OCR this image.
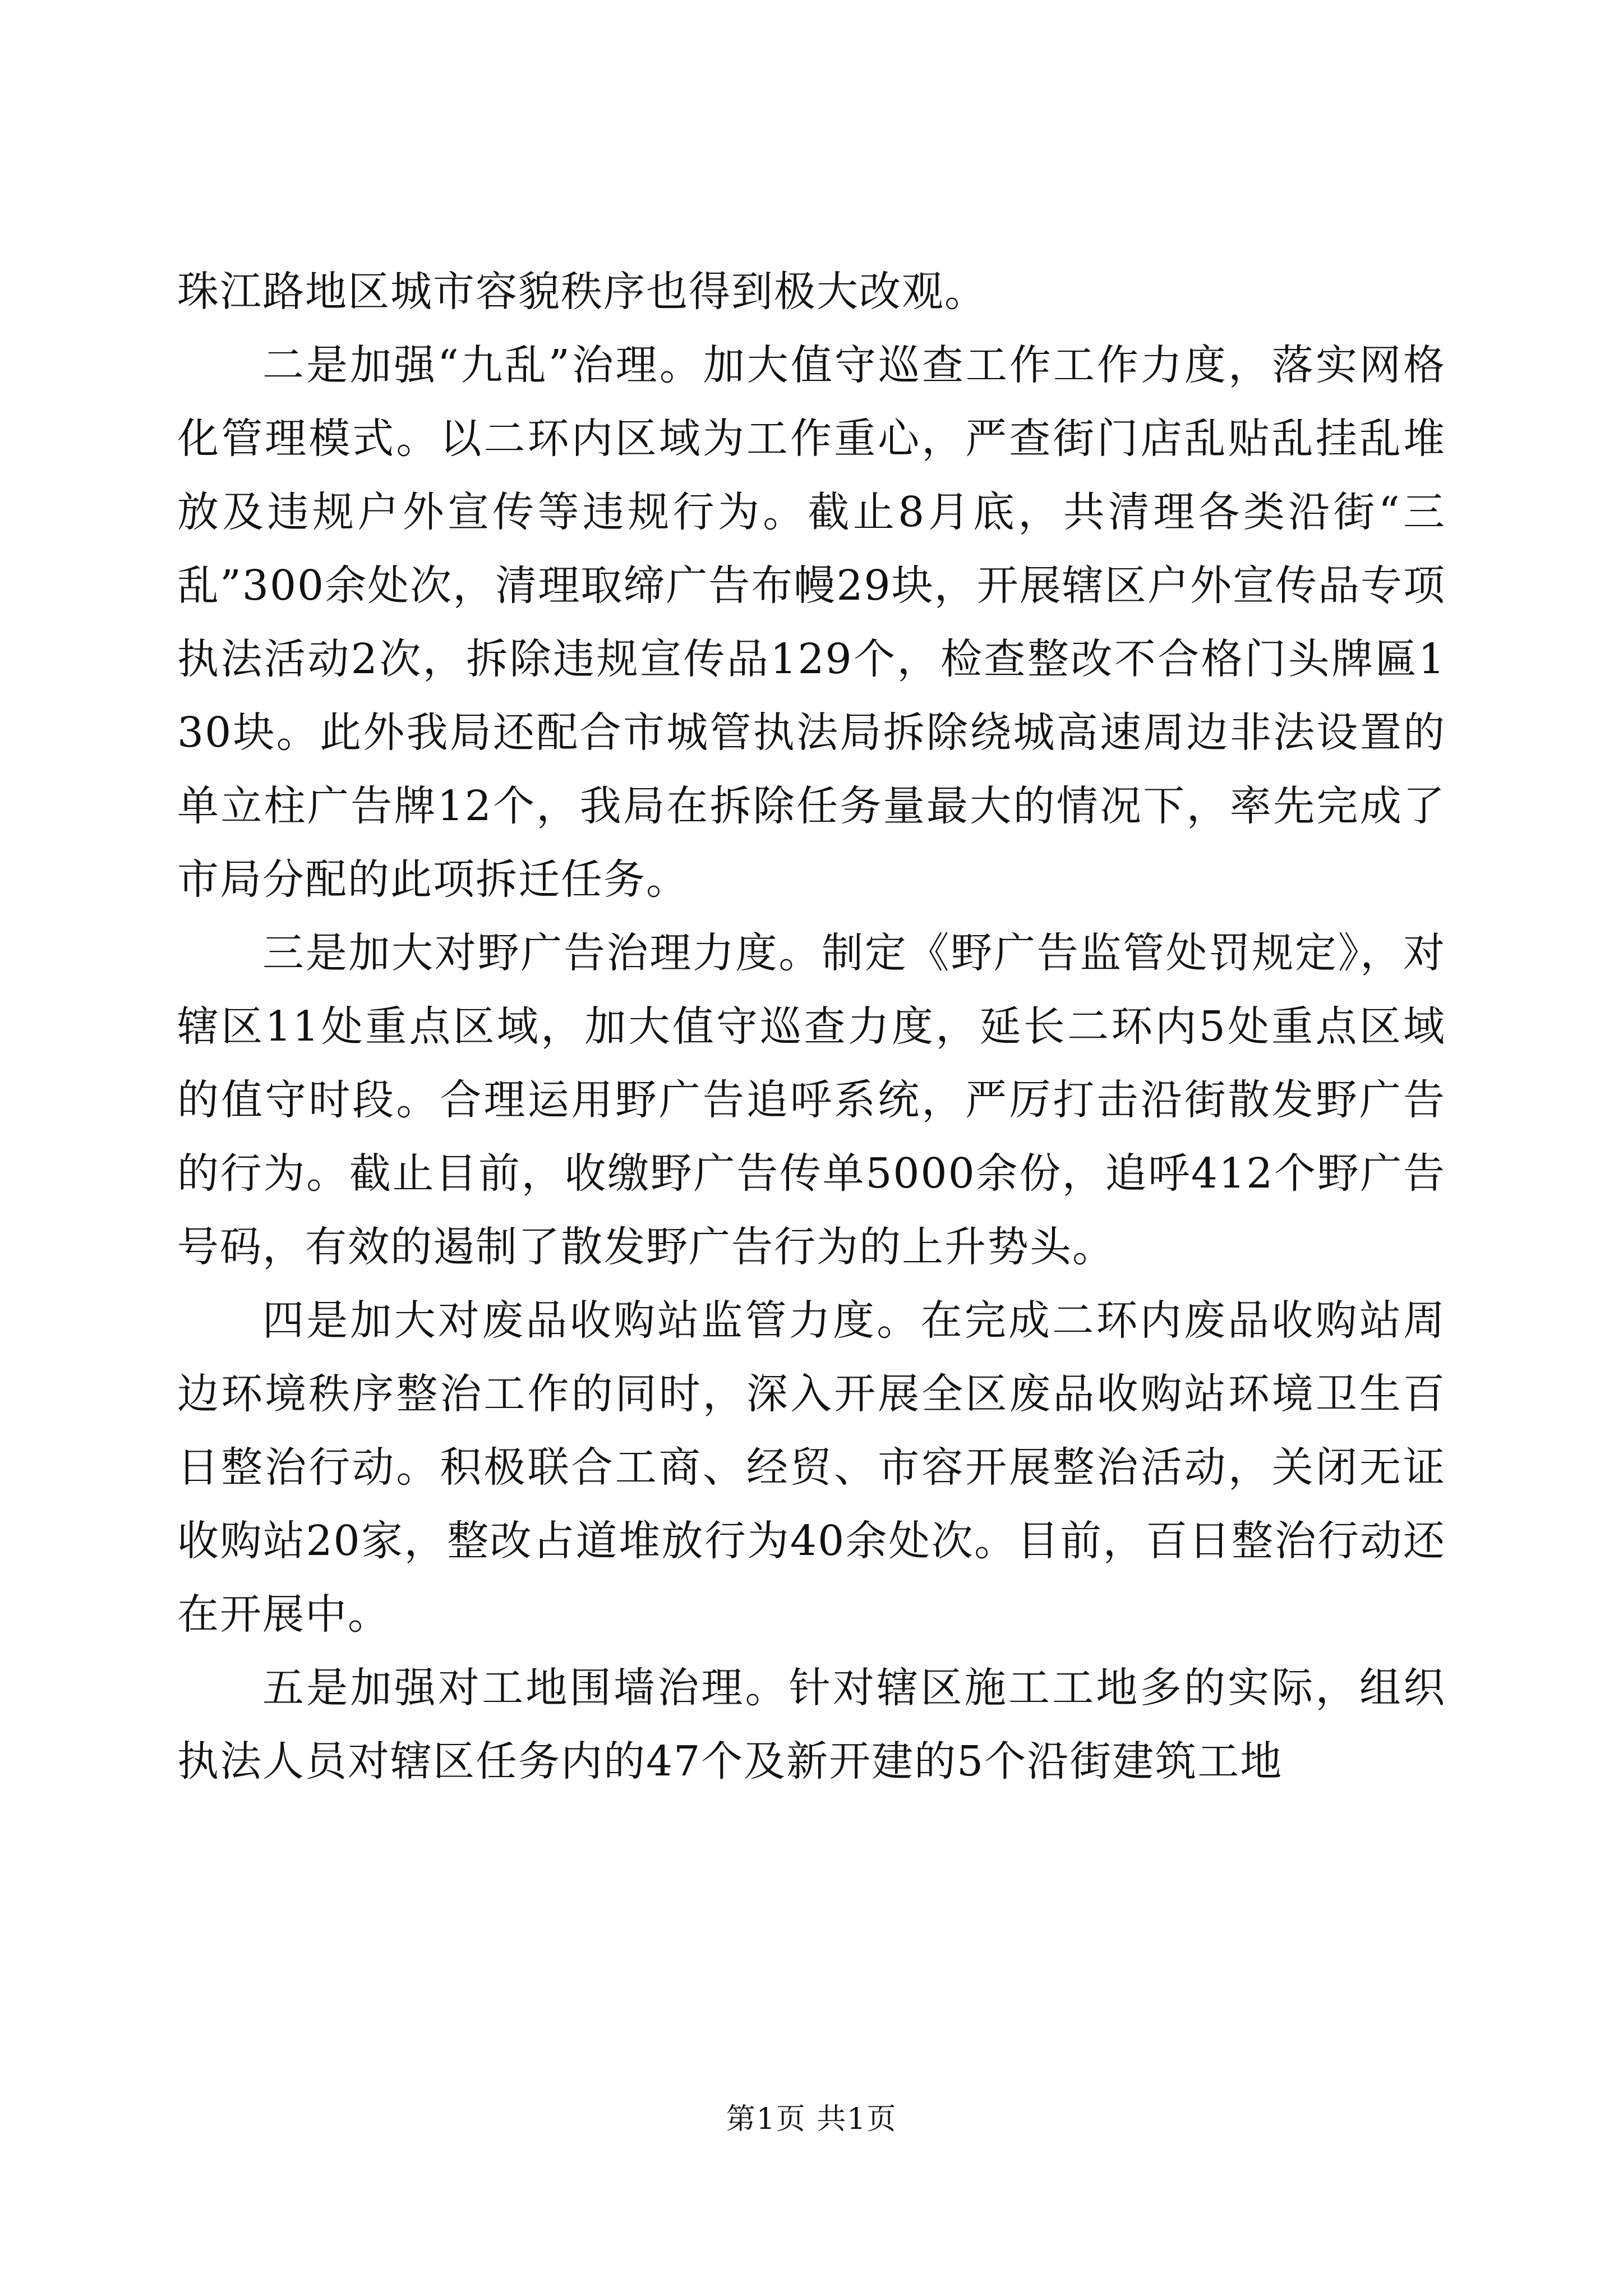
珠江路地区城市容貌秩序也得到极大改观。

二是加强“九乱”治理。加大值守巡查工作工作力度，落实网格化管理模式。以二环内区域为工作重心，严查街门店乱贴乱挂乱堆放及违规户外宣传等违规行为。截止8月底，共清理各类沿街“三乱”300余处次，清理取缔广告布幔29块，开展辖区户外宣传品专项执法活动2次，拆除违规宣传品129个，检查整改不合格门头牌匾130块。此外我局还配合市城管执法局拆除绕城高速周边非法设置的单立柱广告牌12个，我局在拆除任务量最大的情况下，率先完成了市局分配的此项拆迁任务。

三是加大对野广告治理力度。制定《野广告监管处罚规定》，对辖区11处重点区域，加大值守巡查力度，延长二环内5处重点区域的值守时段。合理运用野广告追呼系统，严厉打击沿街散发野广告的行为。截止目前，收缴野广告传单5000余份，追呼412个野广告号码，有效的遏制了散发野广告行为的上升势头。

四是加大对废品收购站监管力度。在完成二环内废品收购站周边环境秩序整治工作的同时，深入开展全区废品收购站环境卫生百日整治行动。积极联合工商、经贸、市容开展整治活动，关闭无证收购站20家，整改占道堆放行为40余处次。目前，百日整治行动还在开展中。

五是加强对工地围墙治理。针对辖区施工工地多的实际，组织执法人员对辖区任务内的47个及新开建的5个沿街建筑工地

第1页 共1页
